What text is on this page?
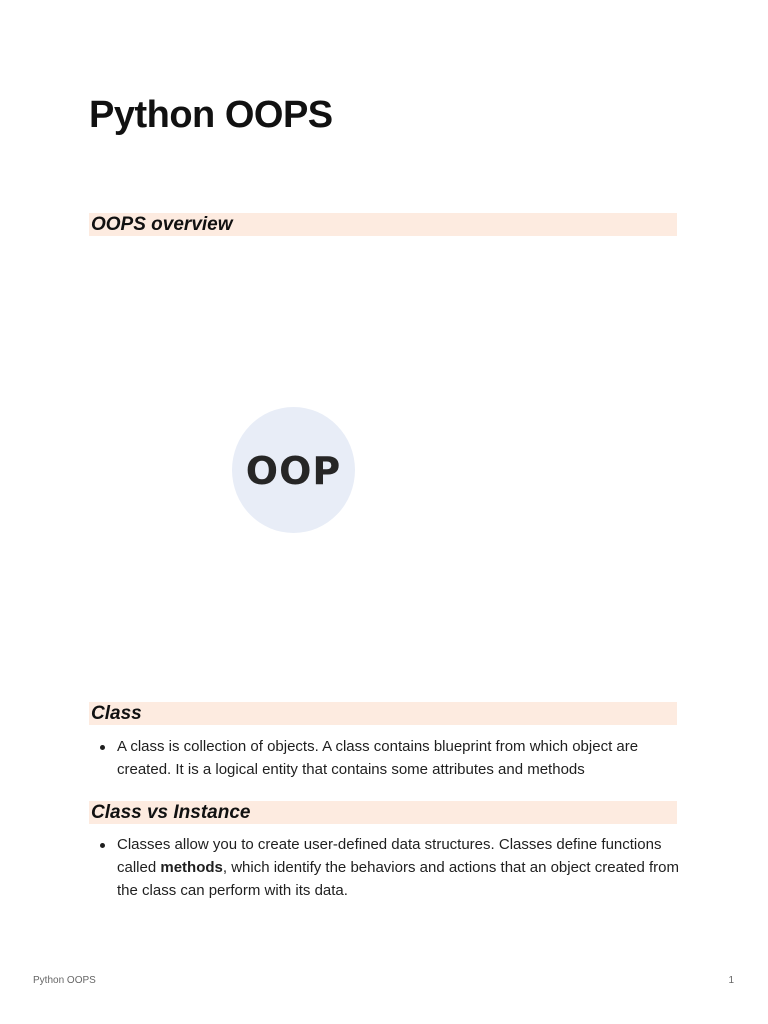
Python OOPS
OOPS overview
OOP
Class
A class is collection of objects. A class contains blueprint from which object are created. It is a logical entity that contains some attributes and methods
Class vs Instance
Classes allow you to create user-defined data structures. Classes define functions called methods, which identify the behaviors and actions that an object created from the class can perform with its data.
Python OOPS	1
